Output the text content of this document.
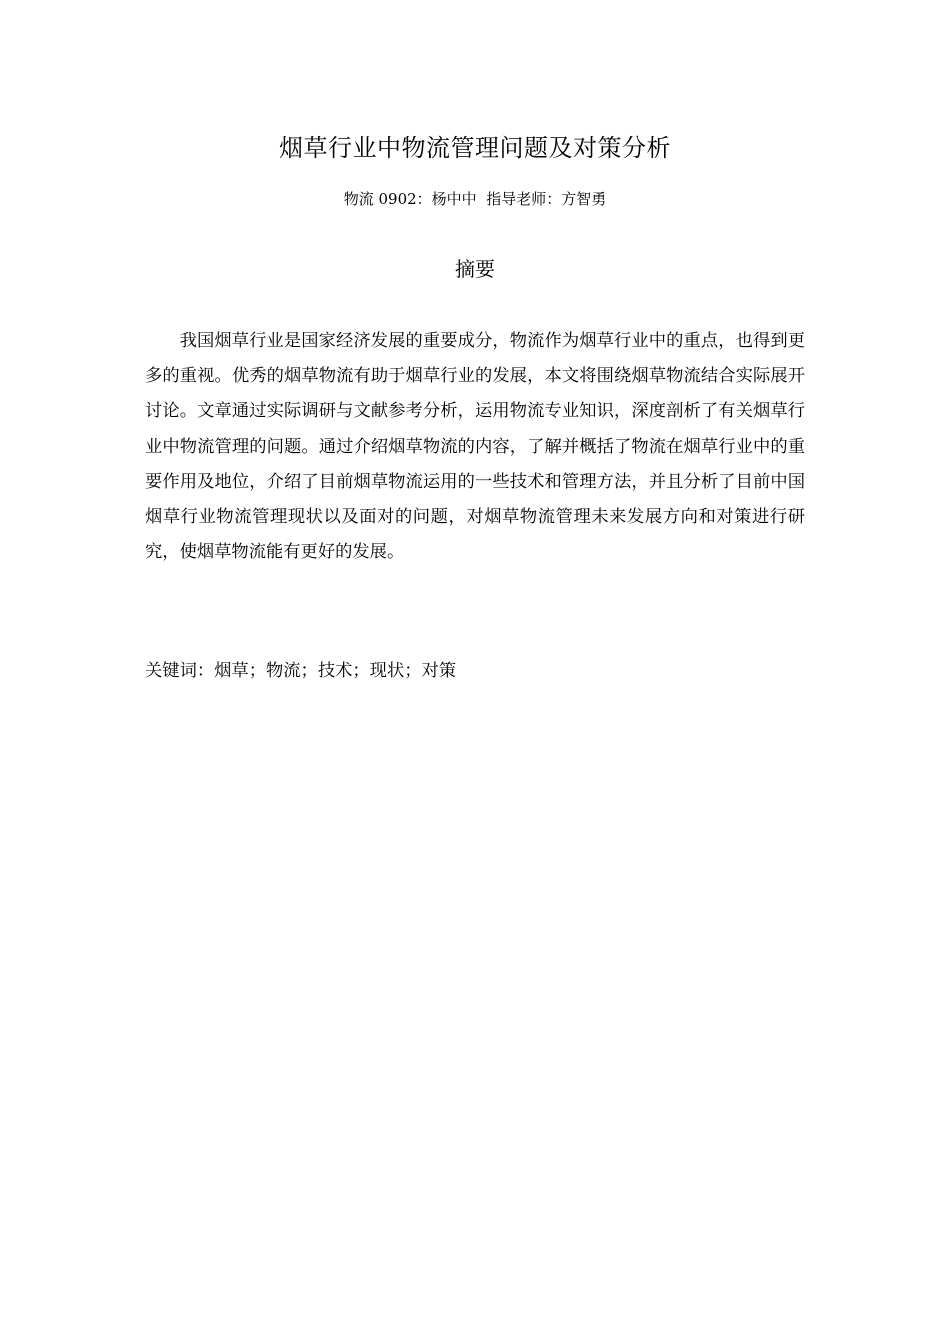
烟草行业中物流管理问题及对策分析
物流 0902：杨中中 指导老师：方智勇
摘要
我国烟草行业是国家经济发展的重要成分，物流作为烟草行业中的重点，也得到更多的重视。优秀的烟草物流有助于烟草行业的发展，本文将围绕烟草物流结合实际展开讨论。文章通过实际调研与文献参考分析，运用物流专业知识，深度剖析了有关烟草行业中物流管理的问题。通过介绍烟草物流的内容，了解并概括了物流在烟草行业中的重要作用及地位，介绍了目前烟草物流运用的一些技术和管理方法，并且分析了目前中国烟草行业物流管理现状以及面对的问题，对烟草物流管理未来发展方向和对策进行研究，使烟草物流能有更好的发展。
关键词：烟草；物流；技术；现状；对策
